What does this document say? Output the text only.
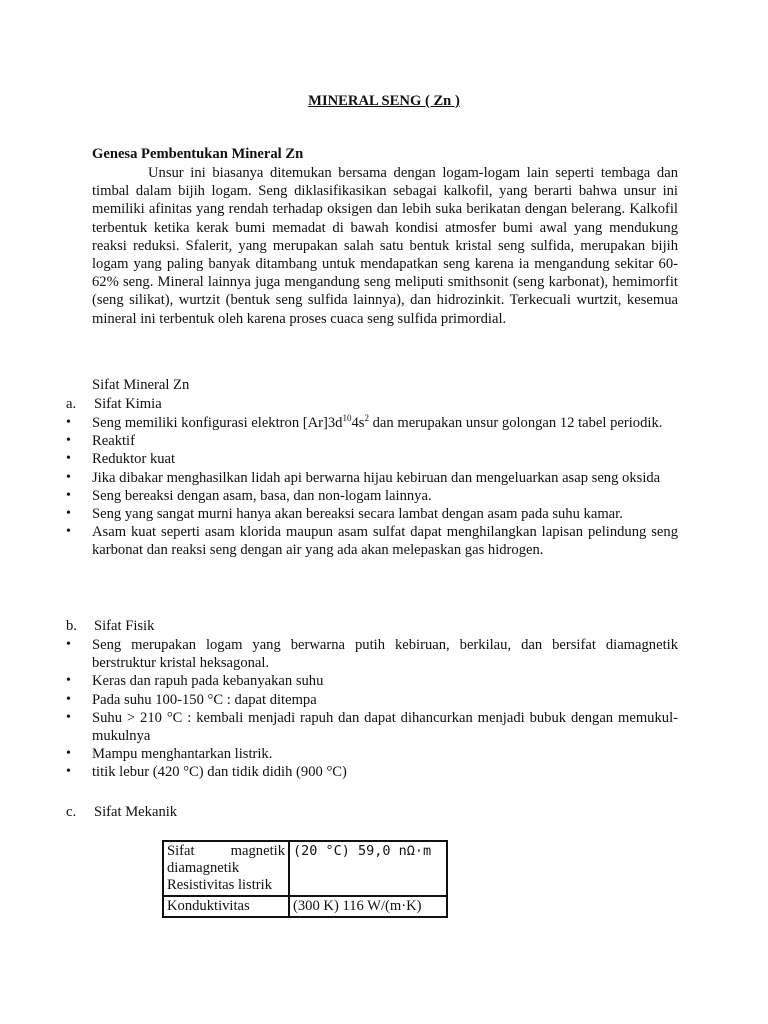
MINERAL SENG ( Zn )
Genesa Pembentukan Mineral Zn
Unsur ini biasanya ditemukan bersama dengan logam-logam lain seperti tembaga dan timbal dalam bijih logam. Seng diklasifikasikan sebagai kalkofil, yang berarti bahwa unsur ini memiliki afinitas yang rendah terhadap oksigen dan lebih suka berikatan dengan belerang. Kalkofil terbentuk ketika kerak bumi memadat di bawah kondisi atmosfer bumi awal yang mendukung reaksi reduksi. Sfalerit, yang merupakan salah satu bentuk kristal seng sulfida, merupakan bijih logam yang paling banyak ditambang untuk mendapatkan seng karena ia mengandung sekitar 60-62% seng. Mineral lainnya juga mengandung seng meliputi smithsonit (seng karbonat), hemimorfit (seng silikat), wurtzit (bentuk seng sulfida lainnya), dan hidrozinkit. Terkecuali wurtzit, kesemua mineral ini terbentuk oleh karena proses cuaca seng sulfida primordial.
Sifat Mineral Zn
a. Sifat Kimia
• Seng memiliki konfigurasi elektron $[Ar]3d^{10}4s^2$ dan merupakan unsur golongan 12 tabel periodik.
• Reaktif
• Reduktor kuat
• Jika dibakar menghasilkan lidah api berwarna hijau kebiruan dan mengeluarkan asap seng oksida
• Seng bereaksi dengan asam, basa, dan non-logam lainnya.
• Seng yang sangat murni hanya akan bereaksi secara lambat dengan asam pada suhu kamar.
• Asam kuat seperti asam klorida maupun asam sulfat dapat menghilangkan lapisan pelindung seng karbonat dan reaksi seng dengan air yang ada akan melepaskan gas hidrogen.
b. Sifat Fisik
• Seng merupakan logam yang berwarna putih kebiruan, berkilau, dan bersifat diamagnetik berstruktur kristal heksagonal.
• Keras dan rapuh pada kebanyakan suhu
• Pada suhu 100-150 °C : dapat ditempa
• Suhu > 210 °C : kembali menjadi rapuh dan dapat dihancurkan menjadi bubuk dengan memukul-mukulnya
• Mampu menghantarkan listrik.
• titik lebur (420 °C) dan tidik didih (900 °C)
c. Sifat Mekanik
Sifat magnetik diamagnetik Resistivitas listrik	(20 °C) 59,0 nΩ·m
Konduktivitas	(300 K) 116 W/(m·K)
